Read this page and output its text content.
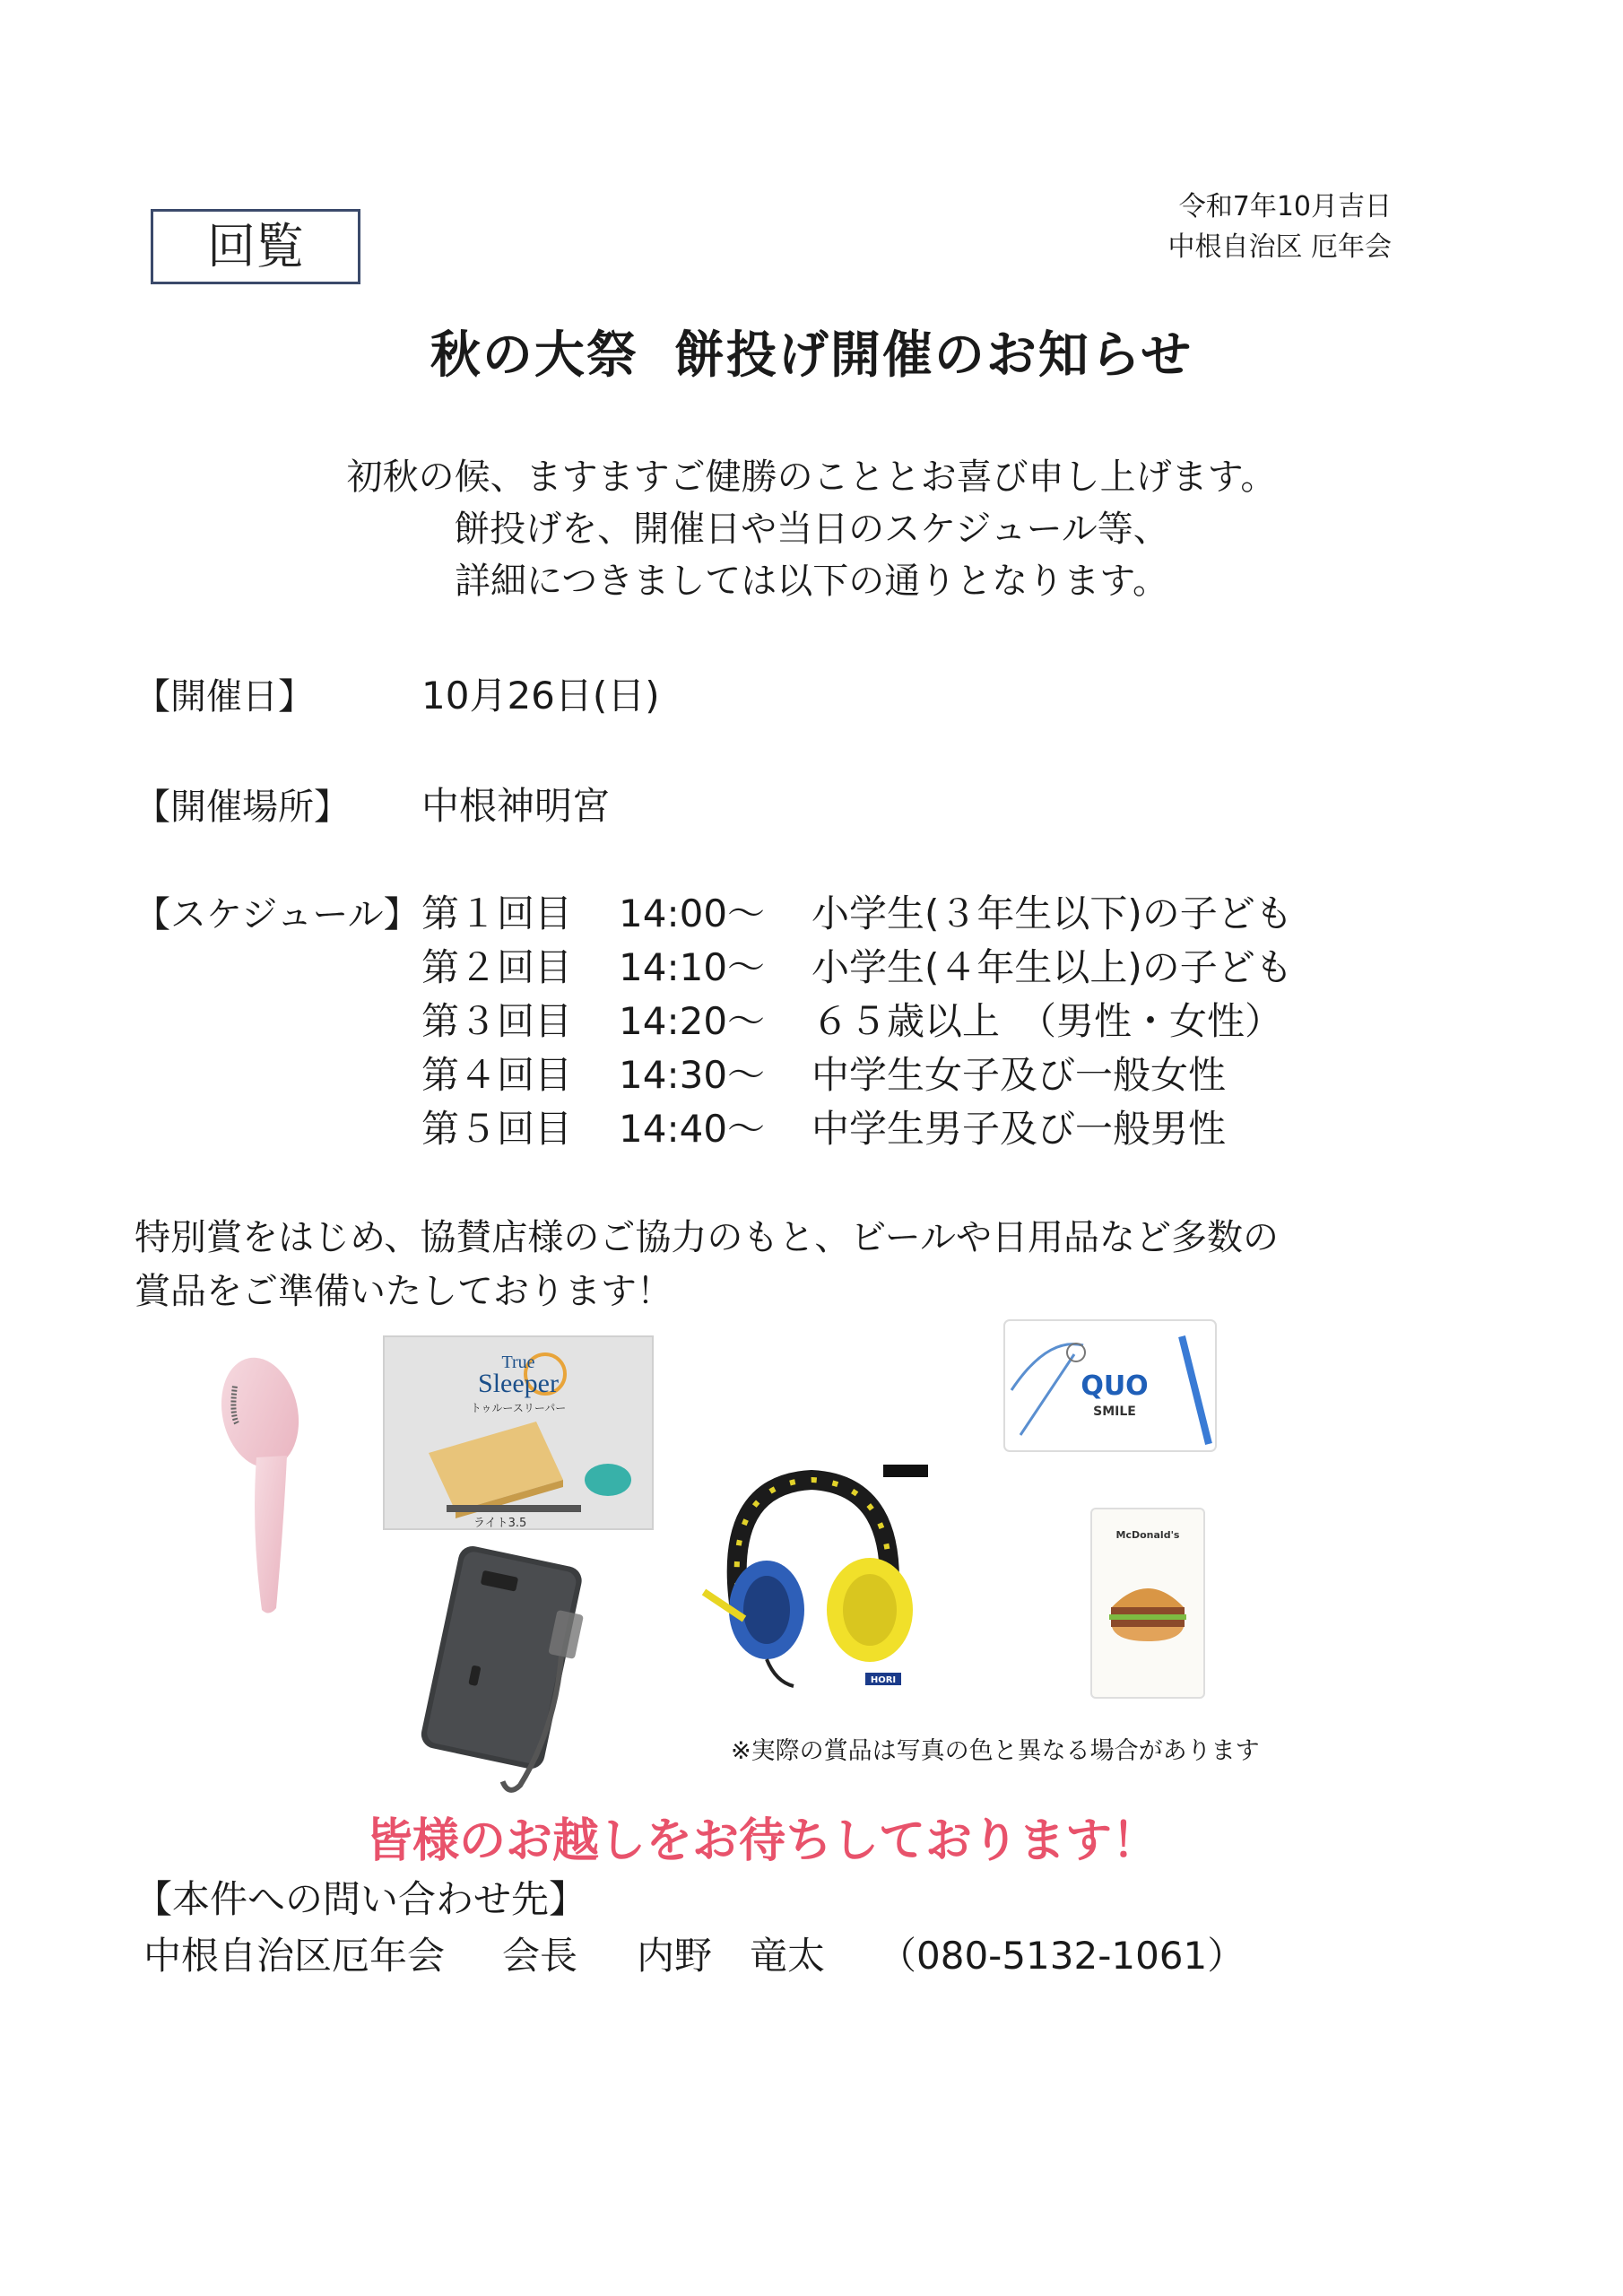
回覧
令和7年10月吉日
中根自治区 厄年会
秋の大祭 餅投げ開催のお知らせ
初秋の候、ますますご健勝のこととお喜び申し上げます。
餅投げを、開催日や当日のスケジュール等、
詳細につきましては以下の通りとなります。
【開催日】	10月26日(日)
【開催場所】 中根神明宮
【スケジュール】 第１回目 14:00～ 小学生(３年生以下)の子ども
第２回目 14:10～ 小学生(４年生以上)の子ども
第３回目 14:20～ ６５歳以上　（男性・女性）
第４回目 14:30～ 中学生女子及び一般女性
第５回目 14:40～ 中学生男子及び一般男性
特別賞をはじめ、協賛店様のご協力のもと、ビールや日用品など多数の
賞品をご準備いたしております！
True
Sleeper
トゥルースリーパー
ライト3.5
QUO
SMILE
HORI
McDonald's
※実際の賞品は写真の色と異なる場合があります
皆様のお越しをお待ちしております！
【本件への問い合わせ先】
中根自治区厄年会 会長 内野　竜太 （080-5132-1061）
